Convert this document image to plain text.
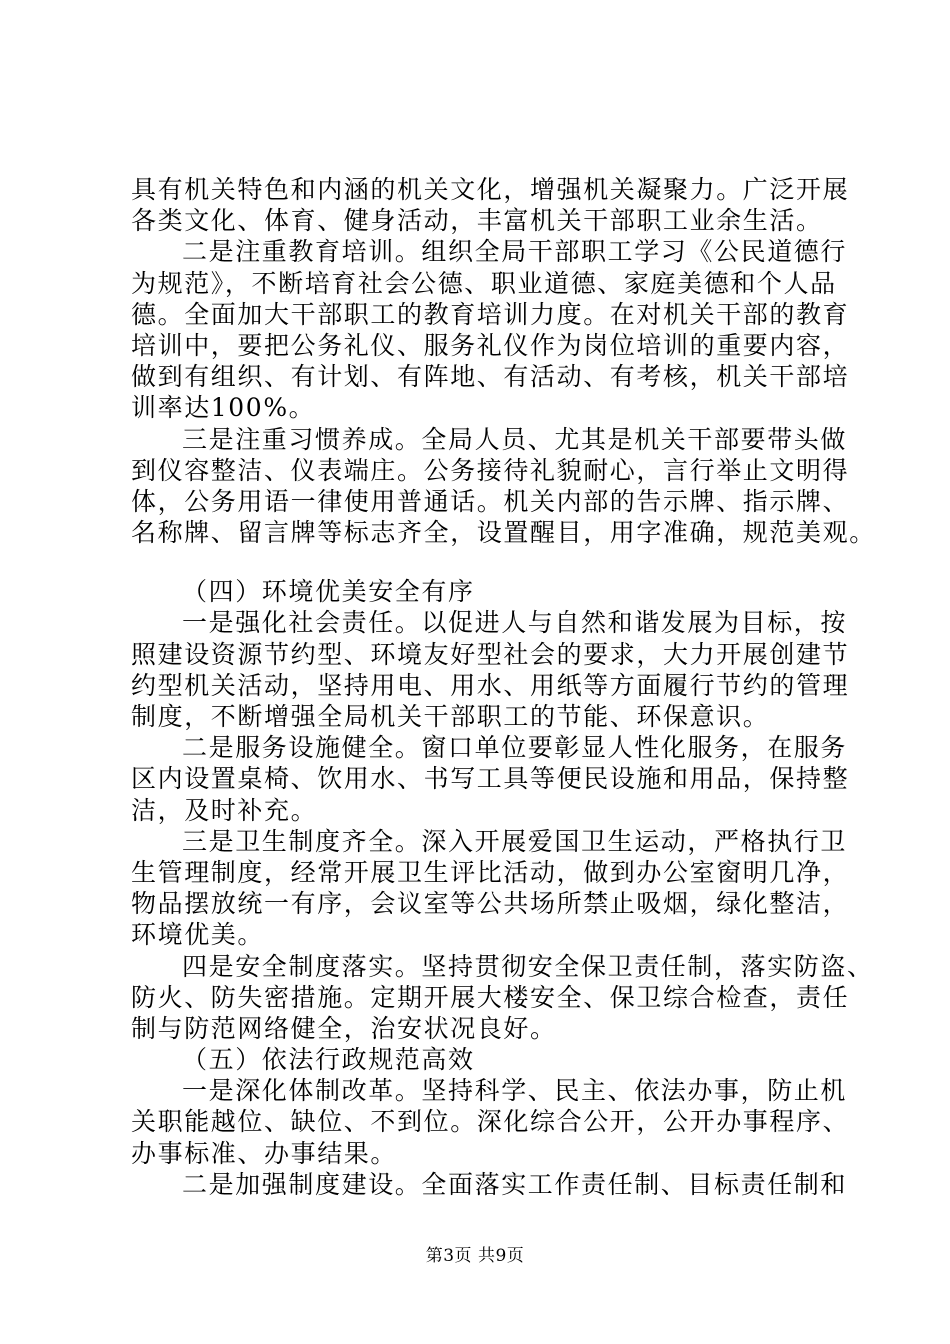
具有机关特色和内涵的机关文化，增强机关凝聚力。广泛开展
各类文化、体育、健身活动，丰富机关干部职工业余生活。
二是注重教育培训。组织全局干部职工学习《公民道德行
为规范》，不断培育社会公德、职业道德、家庭美德和个人品
德。全面加大干部职工的教育培训力度。在对机关干部的教育
培训中，要把公务礼仪、服务礼仪作为岗位培训的重要内容，
做到有组织、有计划、有阵地、有活动、有考核，机关干部培
训率达100%。
三是注重习惯养成。全局人员、尤其是机关干部要带头做
到仪容整洁、仪表端庄。公务接待礼貌耐心，言行举止文明得
体，公务用语一律使用普通话。机关内部的告示牌、指示牌、
名称牌、留言牌等标志齐全，设置醒目，用字准确，规范美观。
（四）环境优美安全有序
一是强化社会责任。以促进人与自然和谐发展为目标，按
照建设资源节约型、环境友好型社会的要求，大力开展创建节
约型机关活动，坚持用电、用水、用纸等方面履行节约的管理
制度，不断增强全局机关干部职工的节能、环保意识。
二是服务设施健全。窗口单位要彰显人性化服务，在服务
区内设置桌椅、饮用水、书写工具等便民设施和用品，保持整
洁，及时补充。
三是卫生制度齐全。深入开展爱国卫生运动，严格执行卫
生管理制度，经常开展卫生评比活动，做到办公室窗明几净，
物品摆放统一有序，会议室等公共场所禁止吸烟，绿化整洁，
环境优美。
四是安全制度落实。坚持贯彻安全保卫责任制，落实防盗、
防火、防失密措施。定期开展大楼安全、保卫综合检查，责任
制与防范网络健全，治安状况良好。
（五）依法行政规范高效
一是深化体制改革。坚持科学、民主、依法办事，防止机
关职能越位、缺位、不到位。深化综合公开，公开办事程序、
办事标准、办事结果。
二是加强制度建设。全面落实工作责任制、目标责任制和
第3页 共9页
